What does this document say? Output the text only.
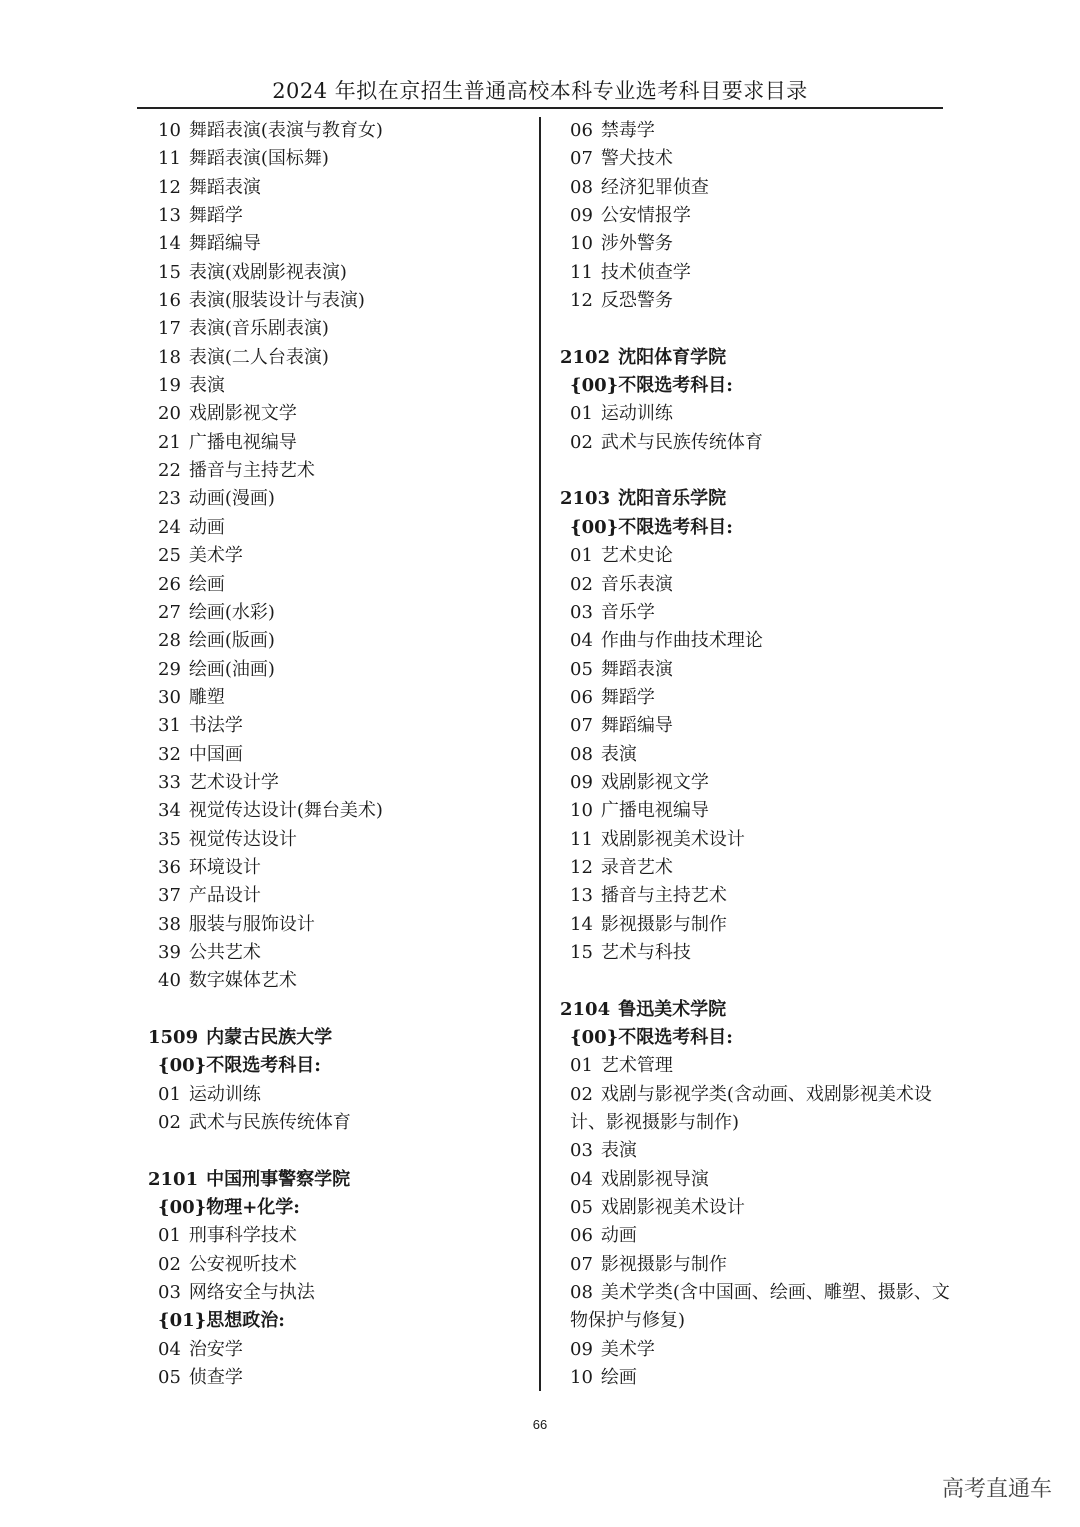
2024 年拟在京招生普通高校本科专业选考科目要求目录
10 舞蹈表演(表演与教育女)
11 舞蹈表演(国标舞)
12 舞蹈表演
13 舞蹈学
14 舞蹈编导
15 表演(戏剧影视表演)
16 表演(服装设计与表演)
17 表演(音乐剧表演)
18 表演(二人台表演)
19 表演
20 戏剧影视文学
21 广播电视编导
22 播音与主持艺术
23 动画(漫画)
24 动画
25 美术学
26 绘画
27 绘画(水彩)
28 绘画(版画)
29 绘画(油画)
30 雕塑
31 书法学
32 中国画
33 艺术设计学
34 视觉传达设计(舞台美术)
35 视觉传达设计
36 环境设计
37 产品设计
38 服装与服饰设计
39 公共艺术
40 数字媒体艺术
1509 内蒙古民族大学
{00}不限选考科目:
01 运动训练
02 武术与民族传统体育
2101 中国刑事警察学院
{00}物理+化学:
01 刑事科学技术
02 公安视听技术
03 网络安全与执法
{01}思想政治:
04 治安学
05 侦查学
06 禁毒学
07 警犬技术
08 经济犯罪侦查
09 公安情报学
10 涉外警务
11 技术侦查学
12 反恐警务
2102 沈阳体育学院
{00}不限选考科目:
01 运动训练
02 武术与民族传统体育
2103 沈阳音乐学院
{00}不限选考科目:
01 艺术史论
02 音乐表演
03 音乐学
04 作曲与作曲技术理论
05 舞蹈表演
06 舞蹈学
07 舞蹈编导
08 表演
09 戏剧影视文学
10 广播电视编导
11 戏剧影视美术设计
12 录音艺术
13 播音与主持艺术
14 影视摄影与制作
15 艺术与科技
2104 鲁迅美术学院
{00}不限选考科目:
01 艺术管理
02 戏剧与影视学类(含动画、戏剧影视美术设计、影视摄影与制作)
03 表演
04 戏剧影视导演
05 戏剧影视美术设计
06 动画
07 影视摄影与制作
08 美术学类(含中国画、绘画、雕塑、摄影、文物保护与修复)
09 美术学
10 绘画
66
高考直通车
